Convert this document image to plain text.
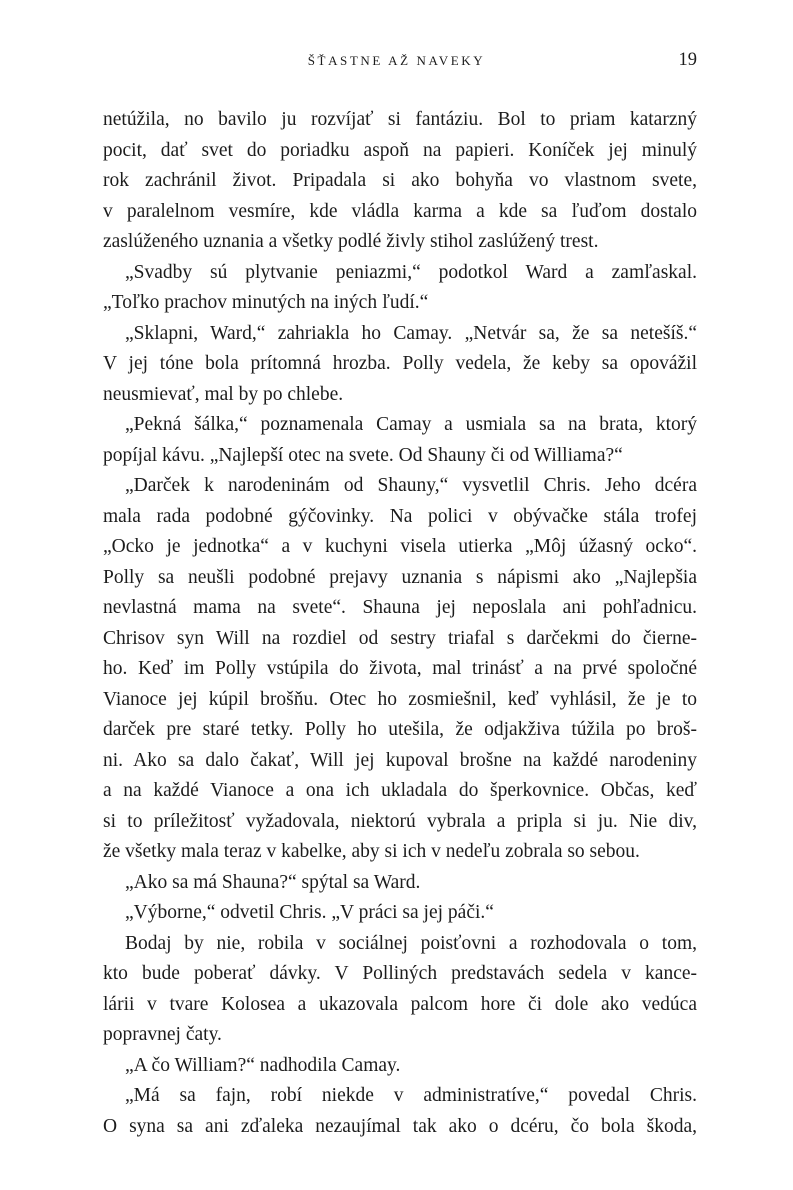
ŠŤASTNE AŽ NAVEKY	19
netúžila, no bavilo ju rozvíjať si fantáziu. Bol to priam katarzný
pocit, dať svet do poriadku aspoň na papieri. Koníček jej minulý
rok zachránil život. Pripadala si ako bohyňa vo vlastnom svete,
v paralelnom vesmíre, kde vládla karma a kde sa ľuďom dostalo
zaslúženého uznania a všetky podlé živly stihol zaslúžený trest.
„Svadby sú plytvanie peniazmi,“ podotkol Ward a zamľaskal.
„Toľko prachov minutých na iných ľudí.“
„Sklapni, Ward,“ zahriakla ho Camay. „Netvár sa, že sa netešíš.“
V jej tóne bola prítomná hrozba. Polly vedela, že keby sa opovážil
neusmievať, mal by po chlebe.
„Pekná šálka,“ poznamenala Camay a usmiala sa na brata, ktorý
popíjal kávu. „Najlepší otec na svete. Od Shauny či od Williama?“
„Darček k narodeninám od Shauny,“ vysvetlil Chris. Jeho dcéra
mala rada podobné gýčovinky. Na polici v obývačke stála trofej
„Ocko je jednotka“ a v kuchyni visela utierka „Môj úžasný ocko“.
Polly sa neušli podobné prejavy uznania s nápismi ako „Najlepšia
nevlastná mama na svete“. Shauna jej neposlala ani pohľadnicu.
Chrisov syn Will na rozdiel od sestry triafal s darčekmi do čierne-
ho. Keď im Polly vstúpila do života, mal trinásť a na prvé spoločné
Vianoce jej kúpil brošňu. Otec ho zosmiešnil, keď vyhlásil, že je to
darček pre staré tetky. Polly ho utešila, že odjakživa túžila po broš-
ni. Ako sa dalo čakať, Will jej kupoval brošne na každé narodeniny
a na každé Vianoce a ona ich ukladala do šperkovnice. Občas, keď
si to príležitosť vyžadovala, niektorú vybrala a pripla si ju. Nie div,
že všetky mala teraz v kabelke, aby si ich v nedeľu zobrala so sebou.
„Ako sa má Shauna?“ spýtal sa Ward.
„Výborne,“ odvetil Chris. „V práci sa jej páči.“
Bodaj by nie, robila v sociálnej poisťovni a rozhodovala o tom,
kto bude poberať dávky. V Polliných predstavách sedela v kance-
lárii v tvare Kolosea a ukazovala palcom hore či dole ako vedúca
popravnej čaty.
„A čo William?“ nadhodila Camay.
„Má sa fajn, robí niekde v administratíve,“ povedal Chris.
O syna sa ani zďaleka nezaujímal tak ako o dcéru, čo bola škoda,
